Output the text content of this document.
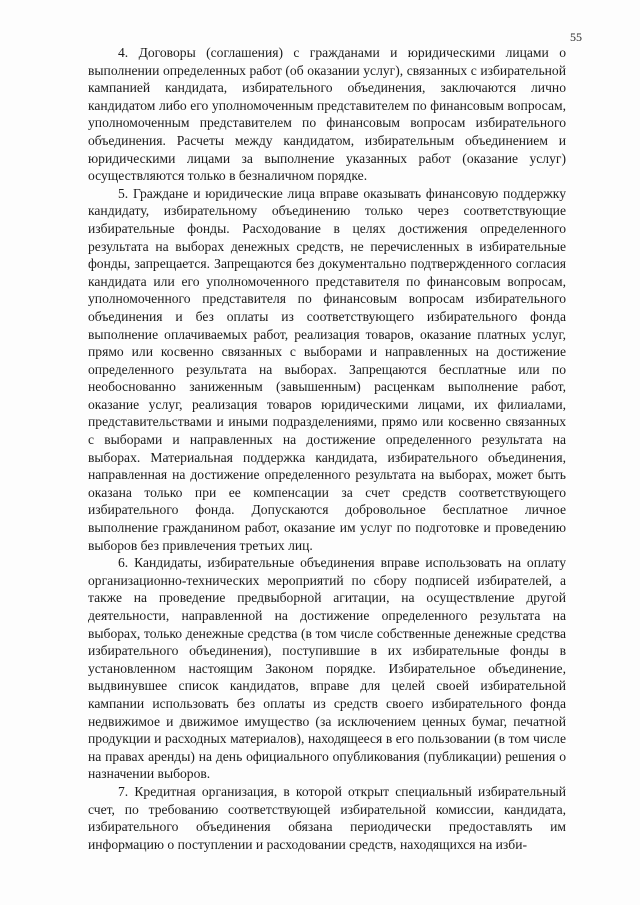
55

4. Договоры (соглашения) с гражданами и юридическими лицами о выполнении определенных работ (об оказании услуг), связанных с избирательной кампанией кандидата, избирательного объединения, заключаются лично кандидатом либо его уполномоченным представителем по финансовым вопросам, уполномоченным представителем по финансовым вопросам избирательного объединения. Расчеты между кандидатом, избирательным объединением и юридическими лицами за выполнение указанных работ (оказание услуг) осуществляются только в безналичном порядке.

5. Граждане и юридические лица вправе оказывать финансовую поддержку кандидату, избирательному объединению только через соответствующие избирательные фонды. Расходование в целях достижения определенного результата на выборах денежных средств, не перечисленных в избирательные фонды, запрещается. Запрещаются без документально подтвержденного согласия кандидата или его уполномоченного представителя по финансовым вопросам, уполномоченного представителя по финансовым вопросам избирательного объединения и без оплаты из соответствующего избирательного фонда выполнение оплачиваемых работ, реализация товаров, оказание платных услуг, прямо или косвенно связанных с выборами и направленных на достижение определенного результата на выборах. Запрещаются бесплатные или по необоснованно заниженным (завышенным) расценкам выполнение работ, оказание услуг, реализация товаров юридическими лицами, их филиалами, представительствами и иными подразделениями, прямо или косвенно связанных с выборами и направленных на достижение определенного результата на выборах. Материальная поддержка кандидата, избирательного объединения, направленная на достижение определенного результата на выборах, может быть оказана только при ее компенсации за счет средств соответствующего избирательного фонда. Допускаются добровольное бесплатное личное выполнение гражданином работ, оказание им услуг по подготовке и проведению выборов без привлечения третьих лиц.

6. Кандидаты, избирательные объединения вправе использовать на оплату организационно-технических мероприятий по сбору подписей избирателей, а также на проведение предвыборной агитации, на осуществление другой деятельности, направленной на достижение определенного результата на выборах, только денежные средства (в том числе собственные денежные средства избирательного объединения), поступившие в их избирательные фонды в установленном настоящим Законом порядке. Избирательное объединение, выдвинувшее список кандидатов, вправе для целей своей избирательной кампании использовать без оплаты из средств своего избирательного фонда недвижимое и движимое имущество (за исключением ценных бумаг, печатной продукции и расходных материалов), находящееся в его пользовании (в том числе на правах аренды) на день официального опубликования (публикации) решения о назначении выборов.

7. Кредитная организация, в которой открыт специальный избирательный счет, по требованию соответствующей избирательной комиссии, кандидата, избирательного объединения обязана периодически предоставлять им информацию о поступлении и расходовании средств, находящихся на изби-
